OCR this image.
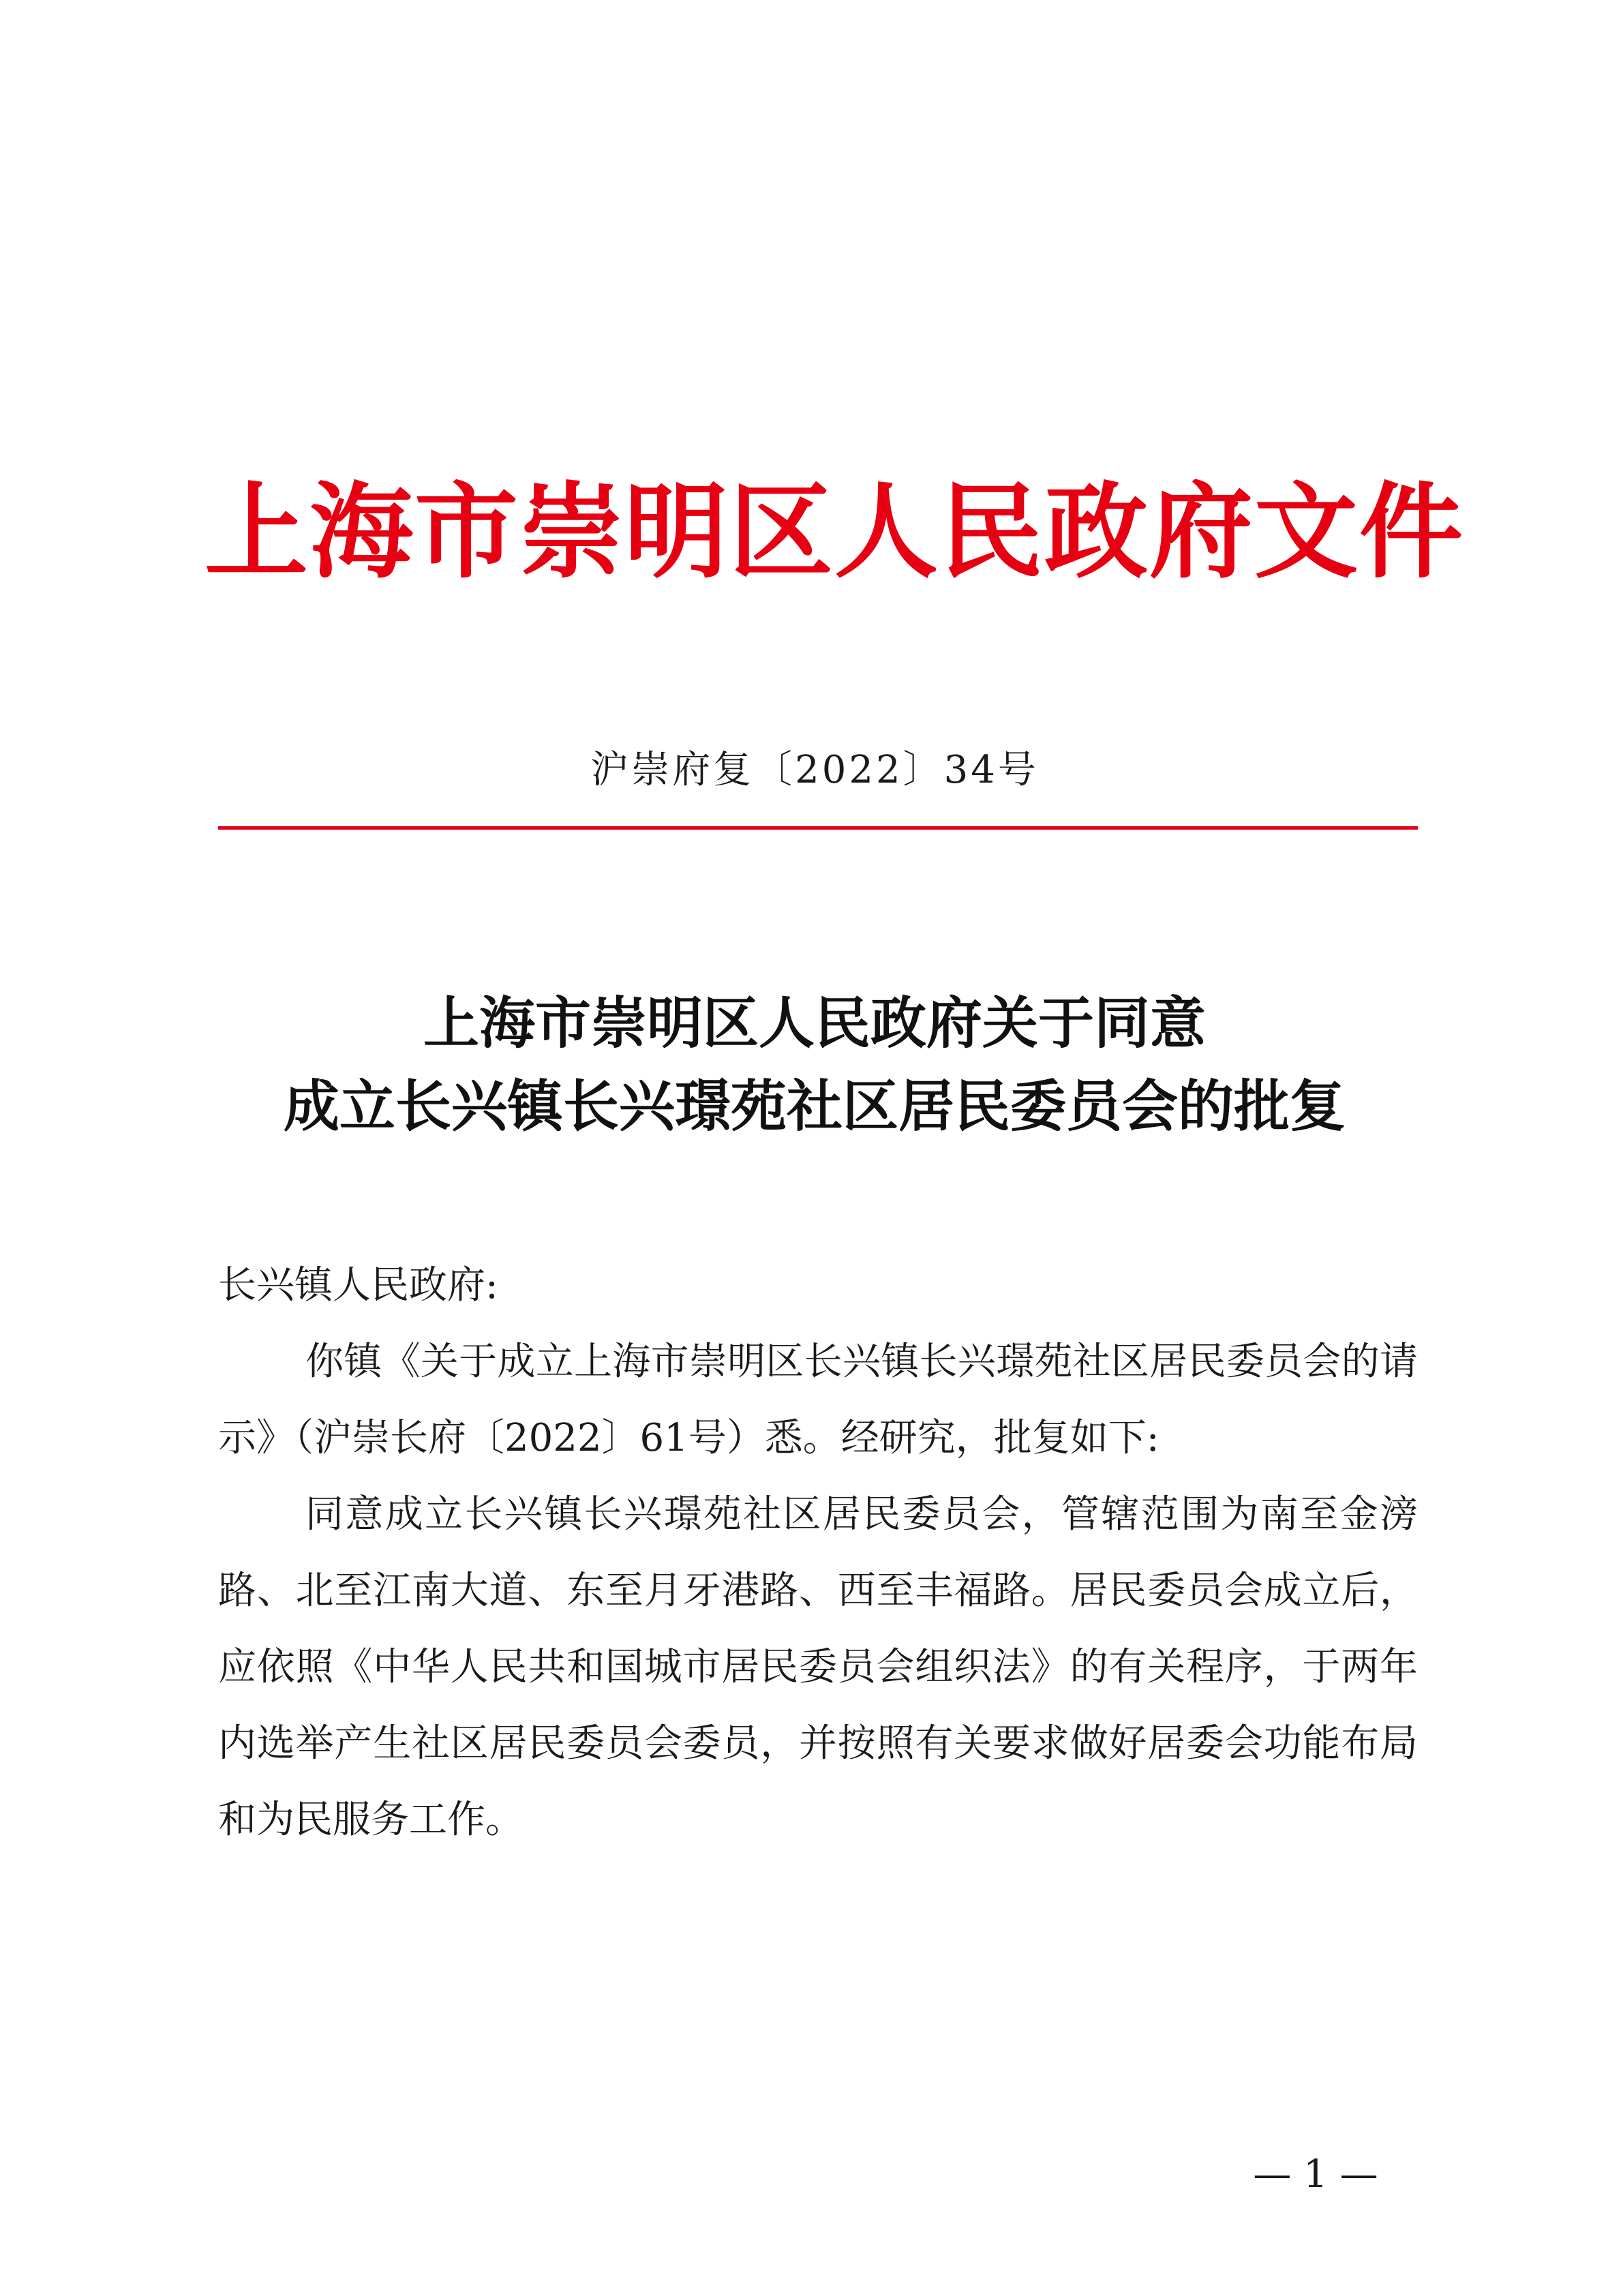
上海市崇明区人民政府文件
沪崇府复〔2022〕34号
上海市崇明区人民政府关于同意
成立长兴镇长兴璟苑社区居民委员会的批复

长兴镇人民政府:

你镇《关于成立上海市崇明区长兴镇长兴璟苑社区居民委员会的请示》（沪崇长府〔2022〕61号）悉。经研究，批复如下:

同意成立长兴镇长兴璟苑社区居民委员会，管辖范围为南至金滂路、北至江南大道、东至月牙港路、西至丰福路。居民委员会成立后，应依照《中华人民共和国城市居民委员会组织法》的有关程序，于两年内选举产生社区居民委员会委员，并按照有关要求做好居委会功能布局和为民服务工作。

— 1 —
